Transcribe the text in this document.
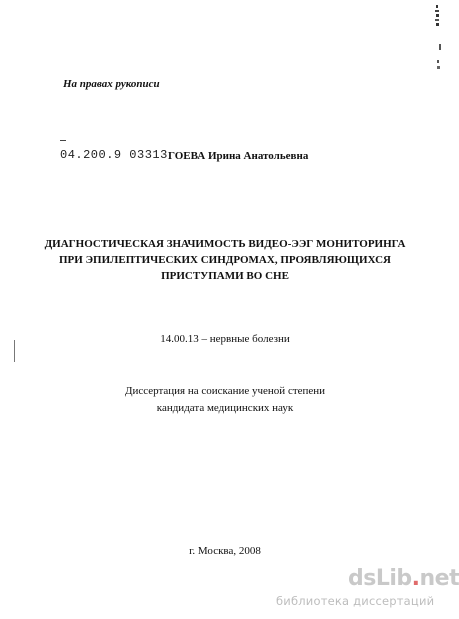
На правах рукописи
04.200.9 03313 ГОЕВА Ирина Анатольевна
ДИАГНОСТИЧЕСКАЯ ЗНАЧИМОСТЬ ВИДЕО-ЭЭГ МОНИТОРИНГА
ПРИ ЭПИЛЕПТИЧЕСКИХ СИНДРОМАХ, ПРОЯВЛЯЮЩИХСЯ
ПРИСТУПАМИ ВО СНЕ
14.00.13 – нервные болезни
Диссертация на соискание ученой степени
кандидата медицинских наук
г. Москва, 2008
dsLib.net
библиотека диссертаций
